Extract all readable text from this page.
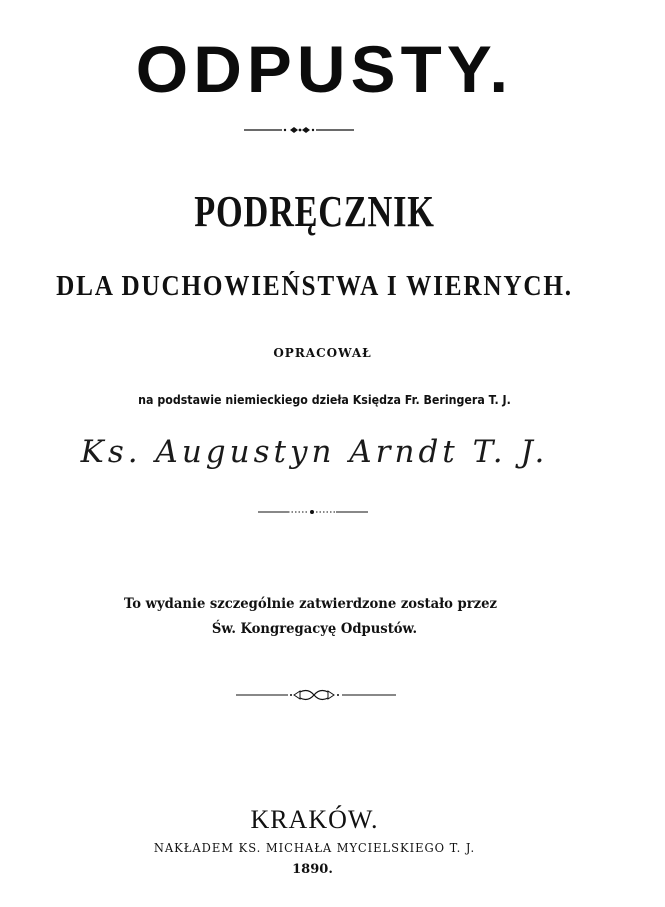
ODPUSTY.
PODRĘCZNIK
DLA DUCHOWIEŃSTWA I WIERNYCH.
OPRACOWAŁ
na podstawie niemieckiego dzieła Księdza Fr. Beringera T. J.
Ks. Augustyn Arndt T. J.
To wydanie szczególnie zatwierdzone zostało przez
Św. Kongregacyę Odpustów.
KRAKÓW.
NAKŁADEM KS. MICHAŁA MYCIELSKIEGO T. J.
1890.
